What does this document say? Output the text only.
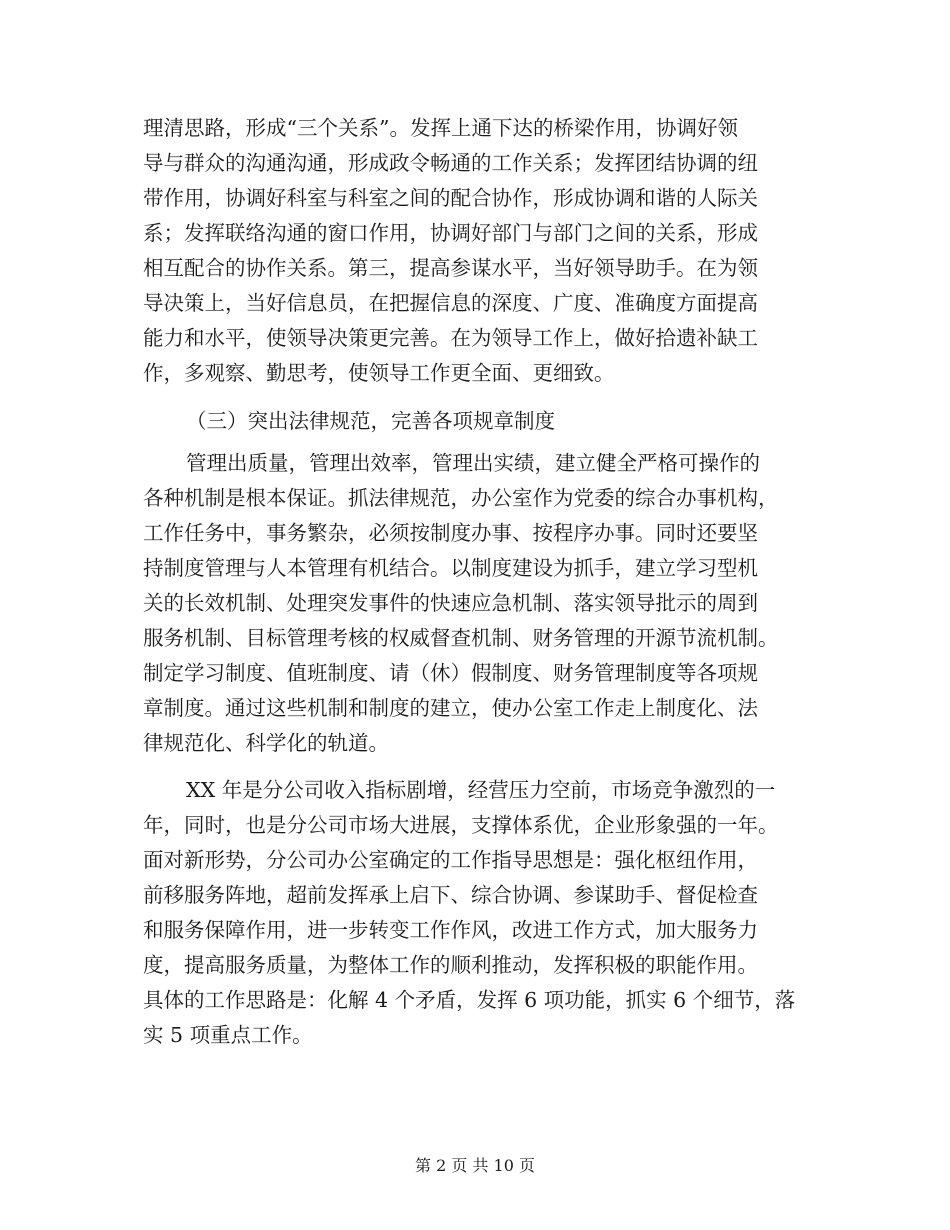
理清思路，形成“三个关系”。发挥上通下达的桥梁作用，协调好领
导与群众的沟通沟通，形成政令畅通的工作关系；发挥团结协调的纽
带作用，协调好科室与科室之间的配合协作，形成协调和谐的人际关
系；发挥联络沟通的窗口作用，协调好部门与部门之间的关系，形成
相互配合的协作关系。第三，提高参谋水平，当好领导助手。在为领
导决策上，当好信息员，在把握信息的深度、广度、准确度方面提高
能力和水平，使领导决策更完善。在为领导工作上，做好拾遗补缺工
作，多观察、勤思考，使领导工作更全面、更细致。
（三）突出法律规范，完善各项规章制度
管理出质量，管理出效率，管理出实绩，建立健全严格可操作的
各种机制是根本保证。抓法律规范，办公室作为党委的综合办事机构，
工作任务中，事务繁杂，必须按制度办事、按程序办事。同时还要坚
持制度管理与人本管理有机结合。以制度建设为抓手，建立学习型机
关的长效机制、处理突发事件的快速应急机制、落实领导批示的周到
服务机制、目标管理考核的权威督查机制、财务管理的开源节流机制。
制定学习制度、值班制度、请（休）假制度、财务管理制度等各项规
章制度。通过这些机制和制度的建立，使办公室工作走上制度化、法
律规范化、科学化的轨道。
XX 年是分公司收入指标剧增，经营压力空前，市场竞争激烈的一
年，同时，也是分公司市场大进展，支撑体系优，企业形象强的一年。
面对新形势，分公司办公室确定的工作指导思想是：强化枢纽作用，
前移服务阵地，超前发挥承上启下、综合协调、参谋助手、督促检查
和服务保障作用，进一步转变工作作风，改进工作方式，加大服务力
度，提高服务质量，为整体工作的顺利推动，发挥积极的职能作用。
具体的工作思路是：化解 4 个矛盾，发挥 6 项功能，抓实 6 个细节，落
实 5 项重点工作。
第 2 页 共 10 页
